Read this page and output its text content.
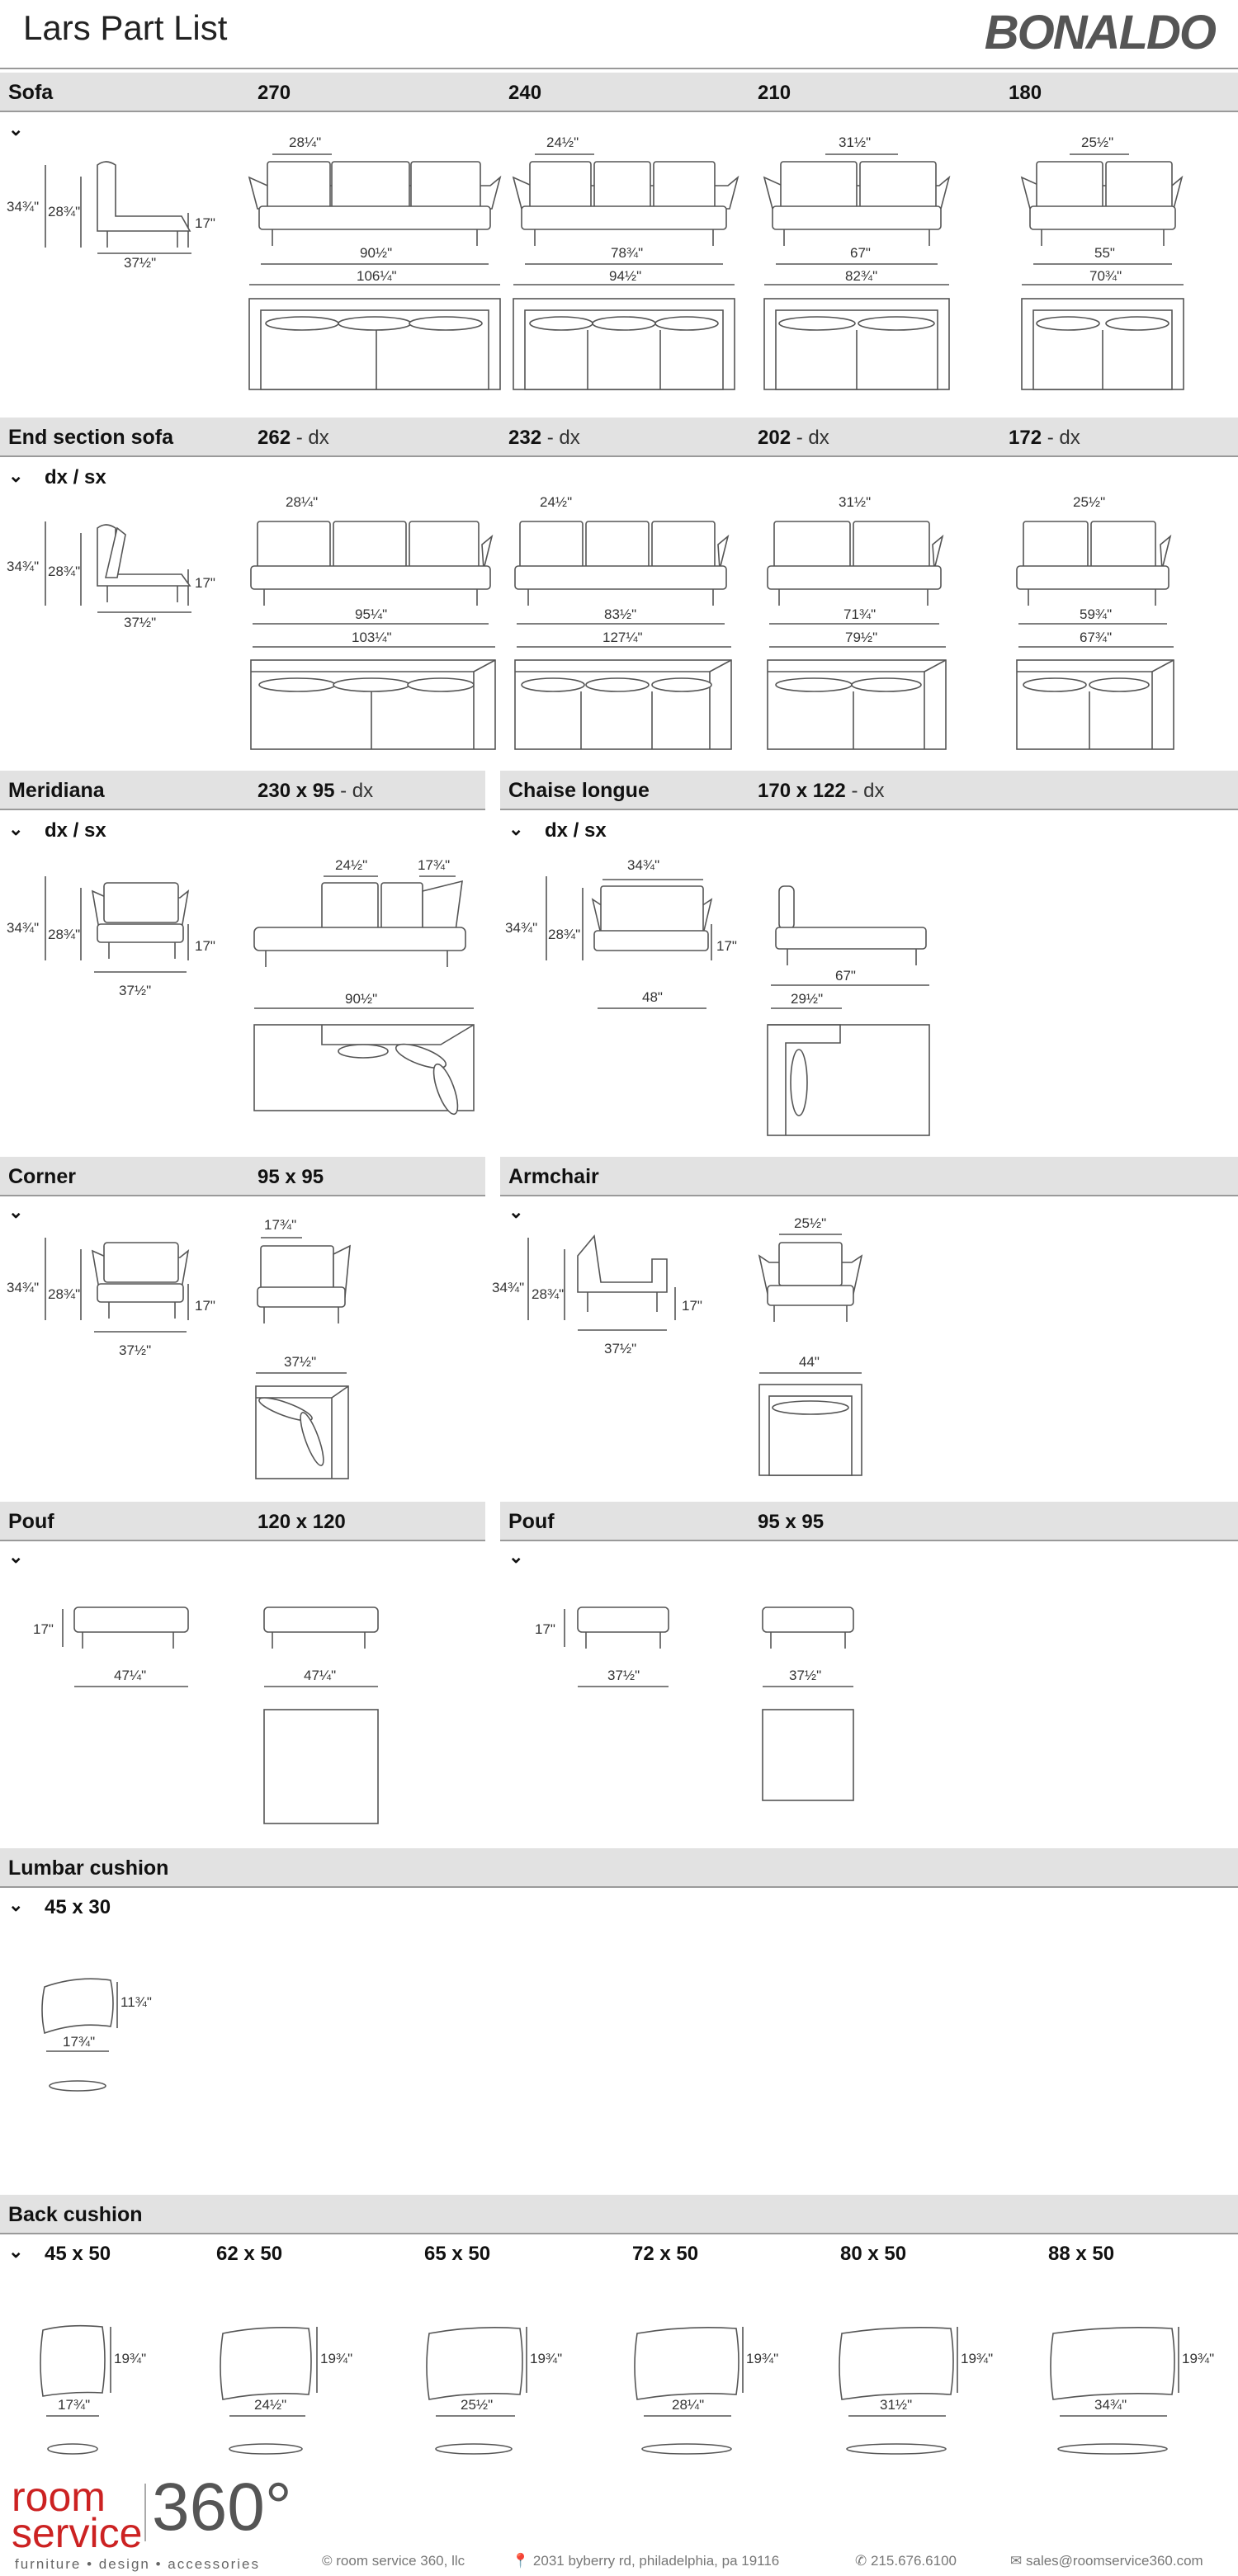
Lars Part List	BONALDO
Sofa	270	240	210	180
⌄
34¾" 28¾"
17"
37½"
28¼"	24½"	31½"	25½"
90½"	78¾"	67"	55"
106¼"	94½"	82¾"	70¾"
34¾" 28¾"
17"
37½"
28¼"	24½"	31½"	25½"
95¼"	83½"	71¾"	59¾"
103¼"	127¼"	79½"	67¾"
34¾" 28¾"
17"
37½"
24½"	17¾"
90½"
34¾" 28¾"
17"
34¾"
48"
67"
29½"
34¾" 28¾"
17"
37½"
17¾"
37½"
34¾" 28¾"
17"
37½"
25½"
44"
17"
47¼"	47¼"
17"
37½"	37½"
11¾"
17¾"
19¾"	19¾"	19¾"	19¾"	19¾"	19¾"
17¾"	24½"	25½"	28¼"	31½"	34¾"
End section sofa	262 - dx	232 - dx	202 - dx	172 - dx
⌄ dx / sx
Meridiana	230 x 95 - dx
⌄ dx / sx
Chaise longue	170 x 122 - dx
⌄ dx / sx
Corner	95 x 95
⌄
Armchair
⌄
Pouf	120 x 120
⌄
Pouf	95 x 95
⌄
Lumbar cushion
⌄ 45 x 30
Back cushion
⌄ 45 x 50	62 x 50	65 x 50	72 x 50	80 x 50	88 x 50
room
service 360°
furniture • design • accessories	© room service 360, llc	📍 2031 byberry rd, philadelphia, pa 19116	✆ 215.676.6100	✉ sales@roomservice360.com
